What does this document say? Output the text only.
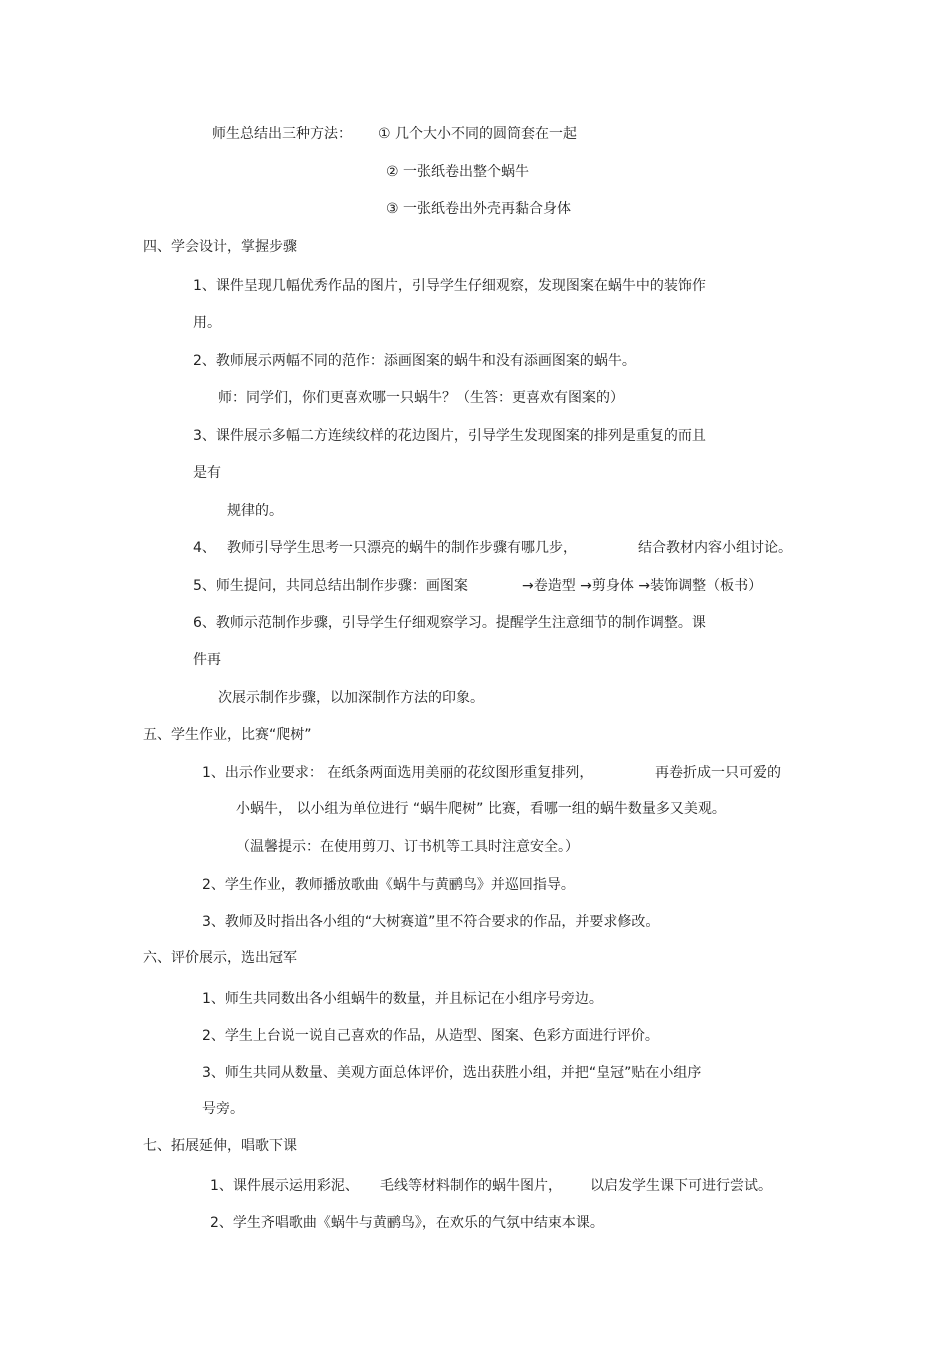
师生总结出三种方法： ① 几个大小不同的圆筒套在一起
② 一张纸卷出整个蜗牛
③ 一张纸卷出外壳再黏合身体
四、学会设计，掌握步骤
1、课件呈现几幅优秀作品的图片，引导学生仔细观察，发现图案在蜗牛中的装饰作
用。
2、教师展示两幅不同的范作：添画图案的蜗牛和没有添画图案的蜗牛。
师：同学们，你们更喜欢哪一只蜗牛？（生答：更喜欢有图案的）
3、课件展示多幅二方连续纹样的花边图片，引导学生发现图案的排列是重复的而且
是有
规律的。
4、 教师引导学生思考一只漂亮的蜗牛的制作步骤有哪几步，	结合教材内容小组讨论。
5、师生提问，共同总结出制作步骤：画图案	→卷造型 →剪身体 →装饰调整（板书）
6、教师示范制作步骤，引导学生仔细观察学习。提醒学生注意细节的制作调整。课
件再
次展示制作步骤，以加深制作方法的印象。
五、学生作业，比赛“爬树”
1、出示作业要求： 在纸条两面选用美丽的花纹图形重复排列，	再卷折成一只可爱的
小蜗牛， 以小组为单位进行 “蜗牛爬树” 比赛，看哪一组的蜗牛数量多又美观。
（温馨提示：在使用剪刀、订书机等工具时注意安全。）
2、学生作业，教师播放歌曲《蜗牛与黄鹂鸟》并巡回指导。
3、教师及时指出各小组的“大树赛道”里不符合要求的作品，并要求修改。
六、评价展示，选出冠军
1、师生共同数出各小组蜗牛的数量，并且标记在小组序号旁边。
2、学生上台说一说自己喜欢的作品，从造型、图案、色彩方面进行评价。
3、师生共同从数量、美观方面总体评价，选出获胜小组，并把“皇冠”贴在小组序
号旁。
七、拓展延伸，唱歌下课
1、课件展示运用彩泥、 毛线等材料制作的蜗牛图片， 以启发学生课下可进行尝试。
2、学生齐唱歌曲《蜗牛与黄鹂鸟》，在欢乐的气氛中结束本课。
